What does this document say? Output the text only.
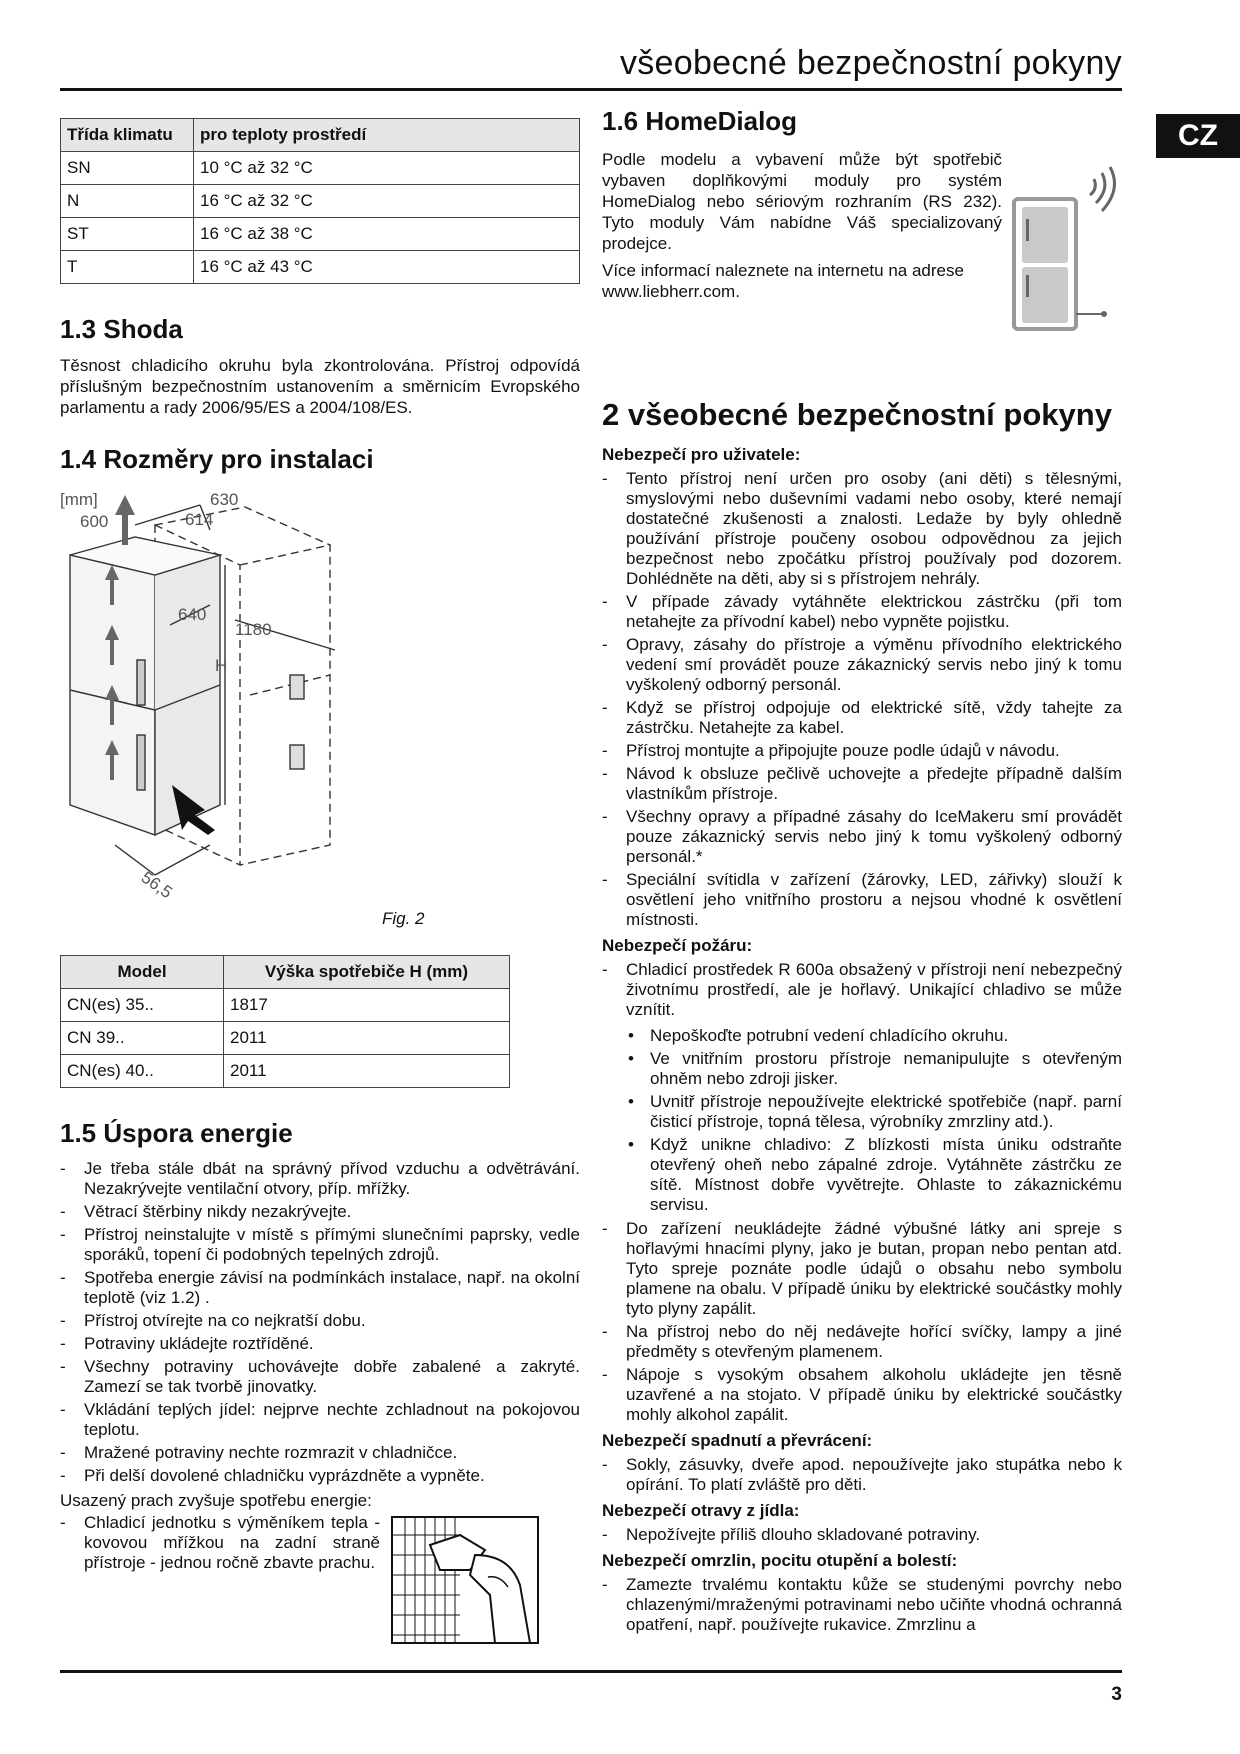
všeobecné bezpečnostní pokyny
CZ
Třída klimatu	pro teploty prostředí
SN	10 °C až 32 °C
N	16 °C až 32 °C
ST	16 °C až 38 °C
T	16 °C až 43 °C
1.3 Shoda

Těsnost chladicího okruhu byla zkontrolována. Přístroj odpovídá příslušným bezpečnostním ustanovením a směrnicím Evropského parlamentu a rady 2006/95/ES a 2004/108/ES.

1.4 Rozměry pro instalaci
[mm]	630
600	614
640
1180
H
56,5
Fig. 2
Model	Výška spotřebiče H (mm)
CN(es) 35..	1817
CN 39..	2011
CN(es) 40..	2011
1.5 Úspora energie
- Je třeba stále dbát na správný přívod vzduchu a odvětrávání. Nezakrývejte ventilační otvory, příp. mřížky.
- Větrací štěrbiny nikdy nezakrývejte.
- Přístroj neinstalujte v místě s přímými slunečními paprsky, vedle sporáků, topení či podobných tepelných zdrojů.
- Spotřeba energie závisí na podmínkách instalace, např. na okolní teplotě (viz 1.2) .
- Přístroj otvírejte na co nejkratší dobu.
- Potraviny ukládejte roztříděné.
- Všechny potraviny uchovávejte dobře zabalené a zakryté. Zamezí se tak tvorbě jinovatky.
- Vkládání teplých jídel: nejprve nechte zchladnout na pokojovou teplotu.
- Mražené potraviny nechte rozmrazit v chladničce.
- Při delší dovolené chladničku vyprázdněte a vypněte.

Usazený prach zvyšuje spotřebu energie:

- Chladicí jednotku s výměníkem tepla - kovovou mřížkou na zadní straně přístroje - jednou ročně zbavte prachu.
1.6 HomeDialog

Podle modelu a vybavení může být spotřebič vybaven doplňkovými moduly pro systém HomeDialog nebo sériovým rozhraním (RS 232). Tyto moduly Vám nabídne Váš specializovaný prodejce.

Více informací naleznete na internetu na adrese www.liebherr.com.

2 všeobecné bezpečnostní pokyny
Nebezpečí pro uživatele:
- Tento přístroj není určen pro osoby (ani děti) s tělesnými, smyslovými nebo duševními vadami nebo osoby, které nemají dostatečné zkušenosti a znalosti. Ledaže by byly ohledně používání přístroje poučeny osobou odpovědnou za jejich bezpečnost nebo zpočátku přístroj používaly pod dozorem. Dohlédněte na děti, aby si s přístrojem nehrály.
- V případe závady vytáhněte elektrickou zástrčku (při tom netahejte za přívodní kabel) nebo vypněte pojistku.
- Opravy, zásahy do přístroje a výměnu přívodního elektrického vedení smí provádět pouze zákaznický servis nebo jiný k tomu vyškolený odborný personál.
- Když se přístroj odpojuje od elektrické sítě, vždy tahejte za zástrčku. Netahejte za kabel.
- Přístroj montujte a připojujte pouze podle údajů v návodu.
- Návod k obsluze pečlivě uchovejte a předejte případně dalším vlastníkům přístroje.
- Všechny opravy a případné zásahy do IceMakeru smí provádět pouze zákaznický servis nebo jiný k tomu vyškolený odborný personál.*
- Speciální svítidla v zařízení (žárovky, LED, zářivky) slouží k osvětlení jeho vnitřního prostoru a nejsou vhodné k osvětlení místnosti.
Nebezpečí požáru:
- Chladicí prostředek R 600a obsažený v přístroji není nebezpečný životnímu prostředí, ale je hořlavý. Unikající chladivo se může vznítit.
• Nepoškoďte potrubní vedení chladícího okruhu.
• Ve vnitřním prostoru přístroje nemanipulujte s otevřeným ohněm nebo zdroji jisker.
• Uvnitř přístroje nepoužívejte elektrické spotřebiče (např. parní čisticí přístroje, topná tělesa, výrobníky zmrzliny atd.).
• Když unikne chladivo: Z blízkosti místa úniku odstraňte otevřený oheň nebo zápalné zdroje. Vytáhněte zástrčku ze sítě. Místnost dobře vyvětrejte. Ohlaste to zákaznickému servisu.
- Do zařízení neukládejte žádné výbušné látky ani spreje s hořlavými hnacími plyny, jako je butan, propan nebo pentan atd. Tyto spreje poznáte podle údajů o obsahu nebo symbolu plamene na obalu. V případě úniku by elektrické součástky mohly tyto plyny zapálit.
- Na přístroj nebo do něj nedávejte hořící svíčky, lampy a jiné předměty s otevřeným plamenem.
- Nápoje s vysokým obsahem alkoholu ukládejte jen těsně uzavřené a na stojato. V případě úniku by elektrické součástky mohly alkohol zapálit.
Nebezpečí spadnutí a převrácení:
- Sokly, zásuvky, dveře apod. nepoužívejte jako stupátka nebo k opírání. To platí zvláště pro děti.
Nebezpečí otravy z jídla:
- Nepožívejte příliš dlouho skladované potraviny.
Nebezpečí omrzlin, pocitu otupění a bolestí:
- Zamezte trvalému kontaktu kůže se studenými povrchy nebo chlazenými/mraženými potravinami nebo učiňte vhodná ochranná opatření, např. používejte rukavice. Zmrzlinu a
3
